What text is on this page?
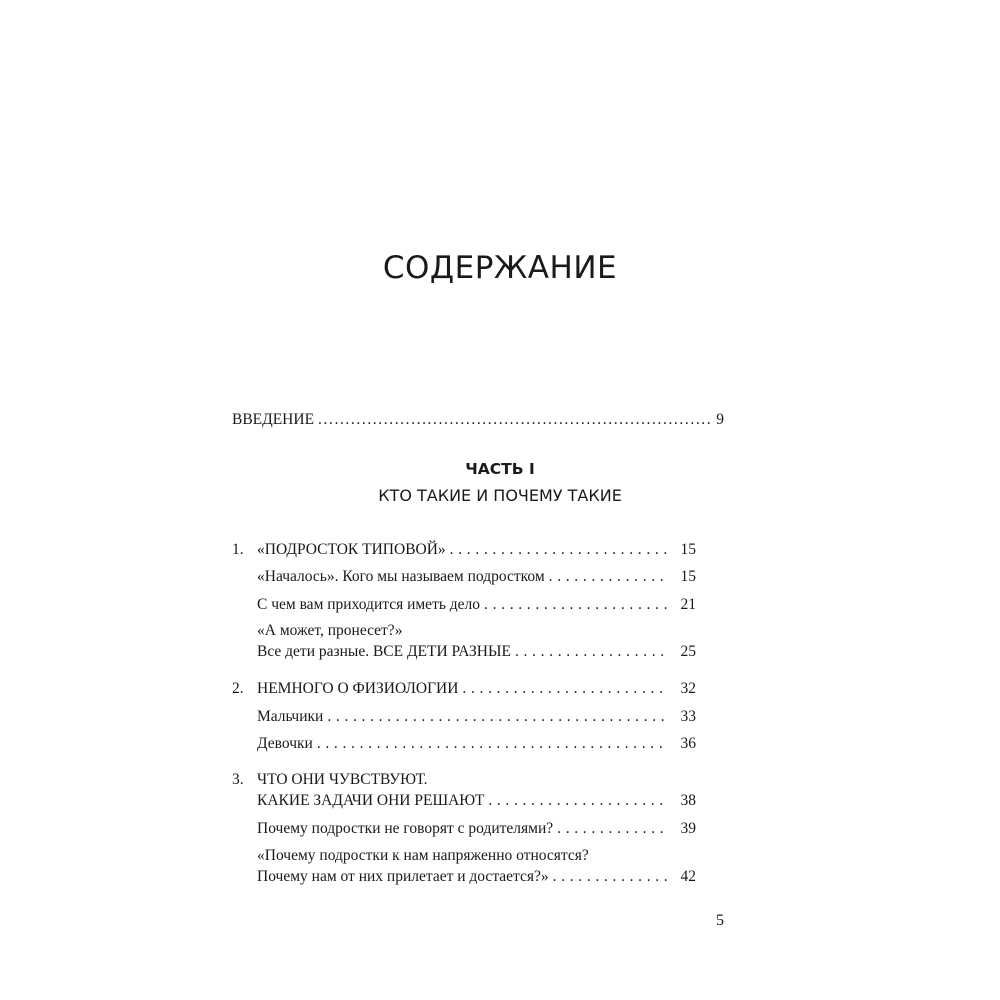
СОДЕРЖАНИЕ
ВВЕДЕНИЕ .....	9
1. «ПОДРОСТОК ТИПОВОЙ» . . .	15
«Началось». Кого мы называем подростком . . .	15
С чем вам приходится иметь дело . . .	21
«А может, пронесет?»
Все дети разные. ВСЕ ДЕТИ РАЗНЫЕ . . .	25
2. НЕМНОГО О ФИЗИОЛОГИИ . . .	32
Мальчики . . .	33
Девочки . . .	36
3. ЧТО ОНИ ЧУВСТВУЮТ.
КАКИЕ ЗАДАЧИ ОНИ РЕШАЮТ . . .	38
Почему подростки не говорят с родителями? . . .	39
«Почему подростки к нам напряженно относятся?
Почему нам от них прилетает и достается?» . . .	42
ЧАСТЬ I
КТО ТАКИЕ И ПОЧЕМУ ТАКИЕ
5
